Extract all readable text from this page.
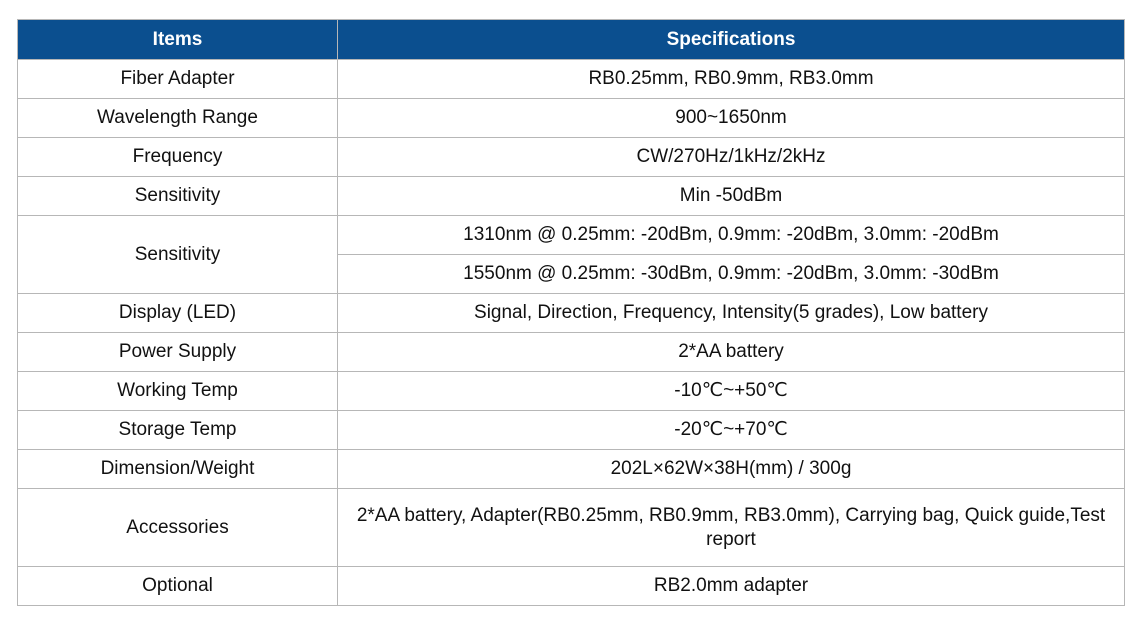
Items	Specifications
Fiber Adapter	RB0.25mm, RB0.9mm, RB3.0mm
Wavelength Range	900~1650nm
Frequency	CW/270Hz/1kHz/2kHz
Sensitivity	Min -50dBm
Sensitivity	1310nm @ 0.25mm: -20dBm, 0.9mm: -20dBm, 3.0mm: -20dBm
	1550nm @ 0.25mm: -30dBm, 0.9mm: -20dBm, 3.0mm: -30dBm
Display (LED)	Signal, Direction, Frequency, Intensity(5 grades), Low battery
Power Supply	2*AA battery
Working Temp	-10℃~+50℃
Storage Temp	-20℃~+70℃
Dimension/Weight	202L×62W×38H(mm) / 300g
Accessories	2*AA battery, Adapter(RB0.25mm, RB0.9mm, RB3.0mm), Carrying bag, Quick guide,Test report
Optional	RB2.0mm adapter
